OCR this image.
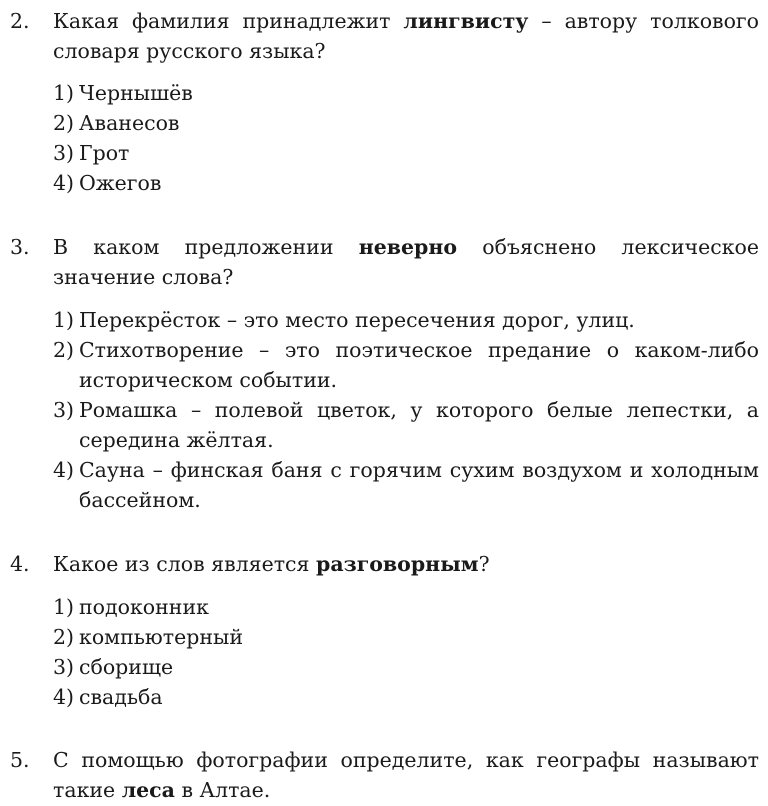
2. Какая фамилия принадлежит лингвисту – автору толкового словаря русского языка?
1) Чернышёв
2) Аванесов
3) Грот
4) Ожегов
3. В каком предложении неверно объяснено лексическое значение слова?
1) Перекрёсток – это место пересечения дорог, улиц.
2) Стихотворение – это поэтическое предание о каком-либо историческом событии.
3) Ромашка – полевой цветок, у которого белые лепестки, а середина жёлтая.
4) Сауна – финская баня с горячим сухим воздухом и холодным бассейном.
4. Какое из слов является разговорным?
1) подоконник
2) компьютерный
3) сборище
4) свадьба
5. С помощью фотографии определите, как географы называют такие леса в Алтае.
